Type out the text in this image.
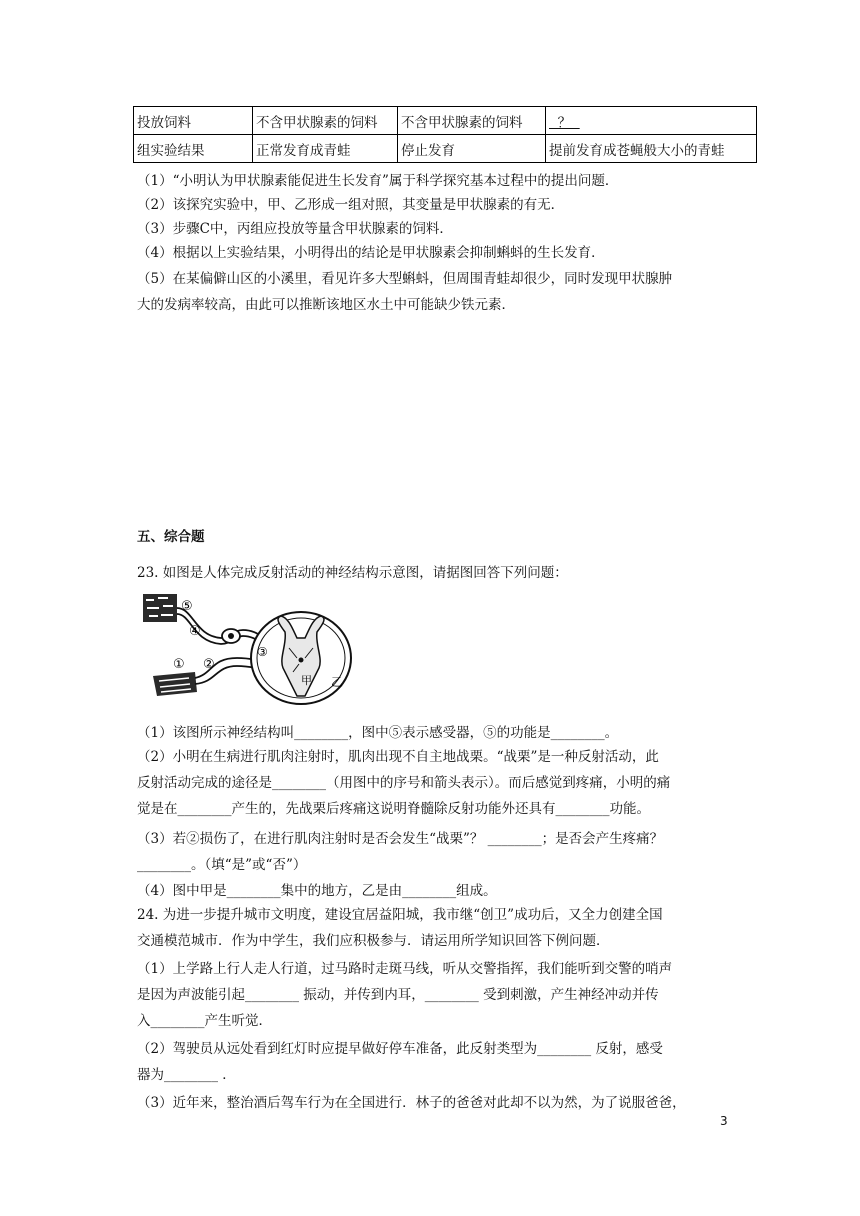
投放饲料	不含甲状腺素的饲料	不含甲状腺素的饲料	？
组实验结果	正常发育成青蛙	停止发育	提前发育成苍蝇般大小的青蛙
（1）“小明认为甲状腺素能促进生长发育”属于科学探究基本过程中的提出问题．
（2）该探究实验中，甲、乙形成一组对照，其变量是甲状腺素的有无．
（3）步骤C中，丙组应投放等量含甲状腺素的饲料．
（4）根据以上实验结果，小明得出的结论是甲状腺素会抑制蝌蚪的生长发育．
（5）在某偏僻山区的小溪里，看见许多大型蝌蚪，但周围青蛙却很少，同时发现甲状腺肿
大的发病率较高，由此可以推断该地区水土中可能缺少铁元素．
五、综合题
23. 如图是人体完成反射活动的神经结构示意图，请据图回答下列问题：
⑤
④
③
① ②
甲 乙
（1）该图所示神经结构叫________，图中⑤表示感受器，⑤的功能是________。
（2）小明在生病进行肌肉注射时，肌肉出现不自主地战栗。“战栗”是一种反射活动，此
反射活动完成的途径是________（用图中的序号和箭头表示）。而后感觉到疼痛，小明的痛
觉是在________产生的，先战栗后疼痛这说明脊髓除反射功能外还具有________功能。
（3）若②损伤了，在进行肌肉注射时是否会发生“战栗”？ ________；是否会产生疼痛？
________。（填“是”或“否”）
（4）图中甲是________集中的地方，乙是由________组成。
24. 为进一步提升城市文明度，建设宜居益阳城，我市继“创卫”成功后，又全力创建全国
交通模范城市．作为中学生，我们应积极参与．请运用所学知识回答下例问题．
（1）上学路上行人走人行道，过马路时走斑马线，听从交警指挥，我们能听到交警的哨声
是因为声波能引起________ 振动，并传到内耳，________ 受到刺激，产生神经冲动并传
入________产生听觉．
（2）驾驶员从远处看到红灯时应提早做好停车准备，此反射类型为________ 反射，感受
器为________ ．
（3）近年来，整治酒后驾车行为在全国进行．林子的爸爸对此却不以为然，为了说服爸爸，
3
